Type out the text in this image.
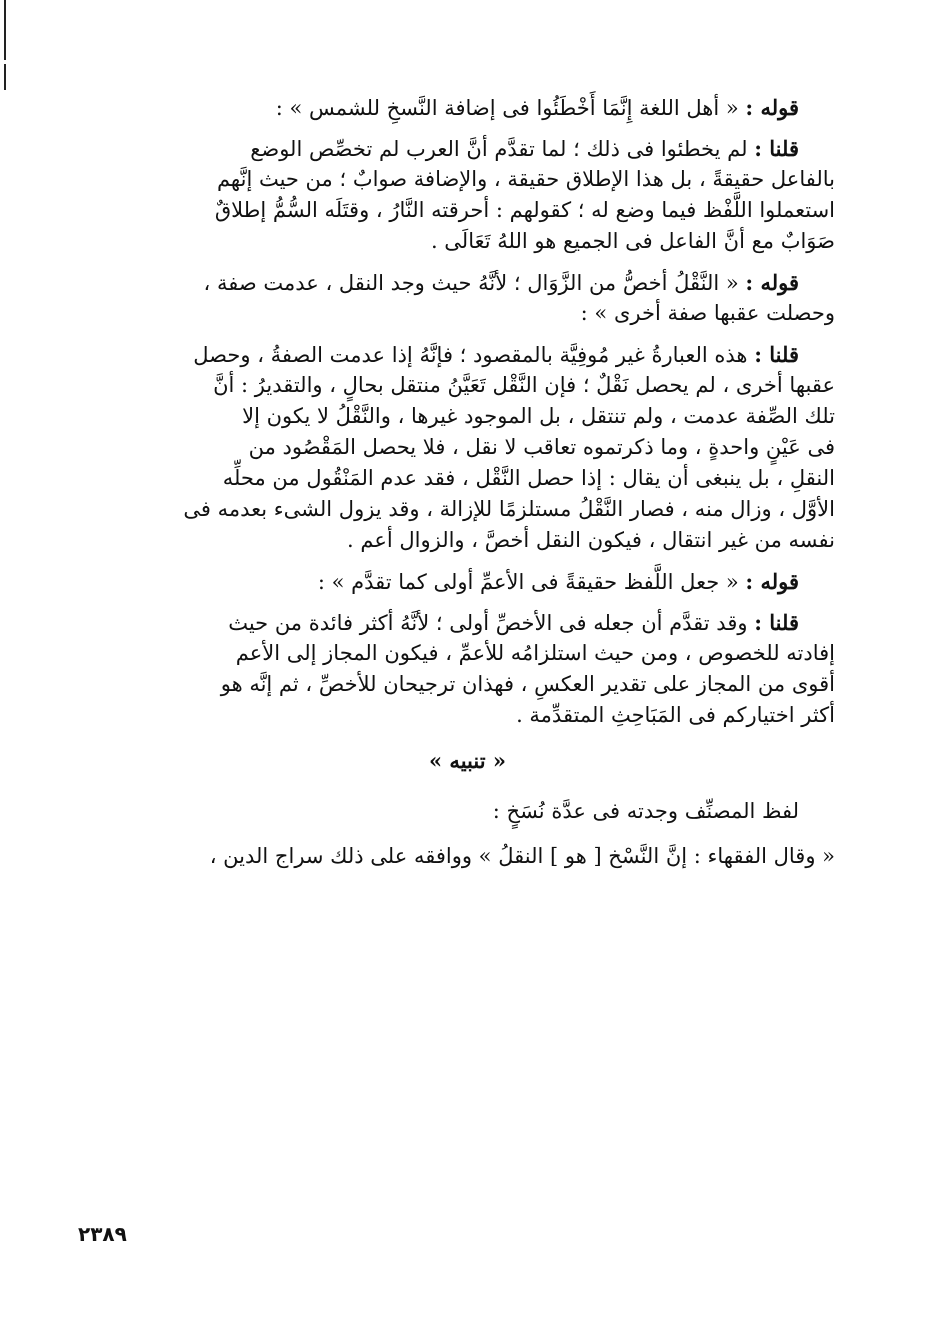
قوله : « أهل اللغة إِنَّمَا أَخْطَئُوا فى إضافة النَّسخِ للشمس » :
قلنا : لم يخطئوا فى ذلك ؛ لما تقدَّم أنَّ العرب لم تخصِّص الوضع
بالفاعل حقيقةً ، بل هذا الإطلاق حقيقة ، والإضافة صوابٌ ؛ من حيث إنَّهم
استعملوا اللَّفْظ فيما وضع له ؛ كقولهم : أحرقته النَّارُ ، وقتَلَه السُّمُّ إطلاقٌ
صَوَابٌ مع أنَّ الفاعل فى الجميع هو اللهُ تَعَالَى .
قوله : « النَّقْلُ أخصُّ من الزَّوَال ؛ لأنَّهُ حيث وجد النقل ، عدمت صفة ،
وحصلت عقبها صفة أخرى » :
قلنا : هذه العبارةُ غير مُوفِيَّة بالمقصود ؛ فإنَّهُ إذا عدمت الصفةُ ، وحصل
عقبها أخرى ، لم يحصل نَقْلٌ ؛ فإن النَّقْل تَعَيَّنُ منتقل بحالٍ ، والتقديرُ : أنَّ
تلك الصِّفة عدمت ، ولم تنتقل ، بل الموجود غيرها ، والنَّقْلُ لا يكون إلا
فى عَيْنٍ واحدةٍ ، وما ذكرتموه تعاقب لا نقل ، فلا يحصل المَقْصُود من
النقلِ ، بل ينبغى أن يقال : إذا حصل النَّقْل ، فقد عدم المَنْقُول من محلِّه
الأوَّل ، وزال منه ، فصار النَّقْلُ مستلزمًا للإزالة ، وقد يزول الشىء بعدمه فى
نفسه من غير انتقال ، فيكون النقل أخصَّ ، والزوال أعم .
قوله : « جعل اللَّفظ حقيقةً فى الأعمِّ أولى كما تقدَّم » :
قلنا : وقد تقدَّم أن جعله فى الأخصِّ أولى ؛ لأنَّهُ أكثر فائدة من حيث
إفادته للخصوص ، ومن حيث استلزامُه للأعمِّ ، فيكون المجاز إلى الأعم
أقوى من المجاز على تقدير العكسِ ، فهذان ترجيحان للأخصِّ ، ثم إنَّه هو
أكثر اختياركم فى المَبَاحِثِ المتقدِّمة .
« تنبيه »
لفظ المصنِّف وجدته فى عدَّة نُسَخٍ :
« وقال الفقهاء : إنَّ النَّسْخ [ هو ] النقلُ » ووافقه على ذلك سراج الدين ،
٢٣٨٩
